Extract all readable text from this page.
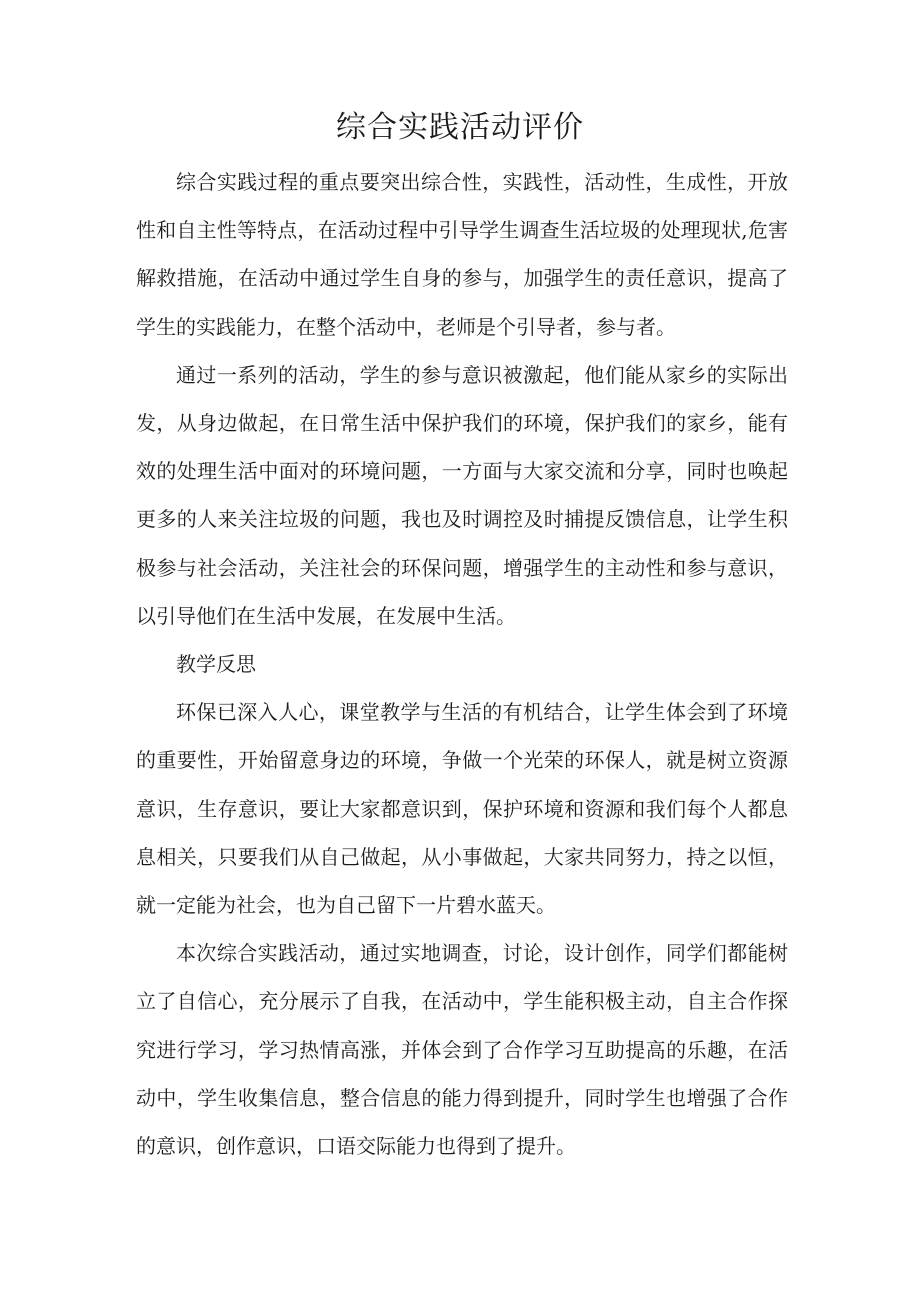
综合实践活动评价

综合实践过程的重点要突出综合性，实践性，活动性，生成性，开放性和自主性等特点，在活动过程中引导学生调查生活垃圾的处理现状,危害解救措施，在活动中通过学生自身的参与，加强学生的责任意识，提高了学生的实践能力，在整个活动中，老师是个引导者，参与者。

通过一系列的活动，学生的参与意识被激起，他们能从家乡的实际出发，从身边做起，在日常生活中保护我们的环境，保护我们的家乡，能有效的处理生活中面对的环境问题，一方面与大家交流和分享，同时也唤起更多的人来关注垃圾的问题，我也及时调控及时捕提反馈信息，让学生积极参与社会活动，关注社会的环保问题，增强学生的主动性和参与意识，以引导他们在生活中发展，在发展中生活。

教学反思

环保已深入人心，课堂教学与生活的有机结合，让学生体会到了环境的重要性，开始留意身边的环境，争做一个光荣的环保人，就是树立资源意识，生存意识，要让大家都意识到，保护环境和资源和我们每个人都息息相关，只要我们从自己做起，从小事做起，大家共同努力，持之以恒，就一定能为社会，也为自己留下一片碧水蓝天。

本次综合实践活动，通过实地调查，讨论，设计创作，同学们都能树立了自信心，充分展示了自我，在活动中，学生能积极主动，自主合作探究进行学习，学习热情高涨，并体会到了合作学习互助提高的乐趣，在活动中，学生收集信息，整合信息的能力得到提升，同时学生也增强了合作的意识，创作意识，口语交际能力也得到了提升。
